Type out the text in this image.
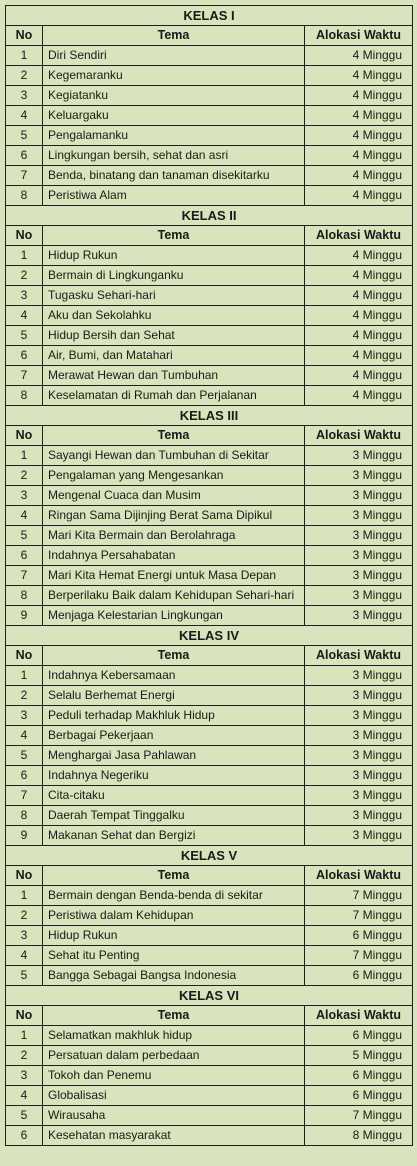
KELAS I		
No	Tema	Alokasi Waktu
1	Diri Sendiri	4 Minggu
2	Kegemaranku	4 Minggu
3	Kegiatanku	4 Minggu
4	Keluargaku	4 Minggu
5	Pengalamanku	4 Minggu
6	Lingkungan bersih, sehat dan asri	4 Minggu
7	Benda, binatang dan tanaman disekitarku	4 Minggu
8	Peristiwa Alam	4 Minggu
KELAS II		
No	Tema	Alokasi Waktu
1	Hidup Rukun	4 Minggu
2	Bermain di Lingkunganku	4 Minggu
3	Tugasku Sehari-hari	4 Minggu
4	Aku dan Sekolahku	4 Minggu
5	Hidup Bersih dan Sehat	4 Minggu
6	Air, Bumi, dan Matahari	4 Minggu
7	Merawat Hewan dan Tumbuhan	4 Minggu
8	Keselamatan di Rumah dan Perjalanan	4 Minggu
KELAS III		
No	Tema	Alokasi Waktu
1	Sayangi Hewan dan Tumbuhan di Sekitar	3 Minggu
2	Pengalaman yang Mengesankan	3 Minggu
3	Mengenal Cuaca dan Musim	3 Minggu
4	Ringan Sama Dijinjing Berat Sama Dipikul	3 Minggu
5	Mari Kita Bermain dan Berolahraga	3 Minggu
6	Indahnya Persahabatan	3 Minggu
7	Mari Kita Hemat Energi untuk Masa Depan	3 Minggu
8	Berperilaku Baik dalam Kehidupan Sehari-hari	3 Minggu
9	Menjaga Kelestarian Lingkungan	3 Minggu
KELAS IV		
No	Tema	Alokasi Waktu
1	Indahnya Kebersamaan	3 Minggu
2	Selalu Berhemat Energi	3 Minggu
3	Peduli terhadap Makhluk Hidup	3 Minggu
4	Berbagai Pekerjaan	3 Minggu
5	Menghargai Jasa Pahlawan	3 Minggu
6	Indahnya Negeriku	3 Minggu
7	Cita-citaku	3 Minggu
8	Daerah Tempat Tinggalku	3 Minggu
9	Makanan Sehat dan Bergizi	3 Minggu
KELAS V		
No	Tema	Alokasi Waktu
1	Bermain dengan Benda-benda di sekitar	7 Minggu
2	Peristiwa dalam Kehidupan	7 Minggu
3	Hidup Rukun	6 Minggu
4	Sehat itu Penting	7 Minggu
5	Bangga Sebagai Bangsa Indonesia	6 Minggu
KELAS VI		
No	Tema	Alokasi Waktu
1	Selamatkan makhluk hidup	6 Minggu
2	Persatuan dalam perbedaan	5 Minggu
3	Tokoh dan Penemu	6 Minggu
4	Globalisasi	6 Minggu
5	Wirausaha	7 Minggu
6	Kesehatan masyarakat	8 Minggu
